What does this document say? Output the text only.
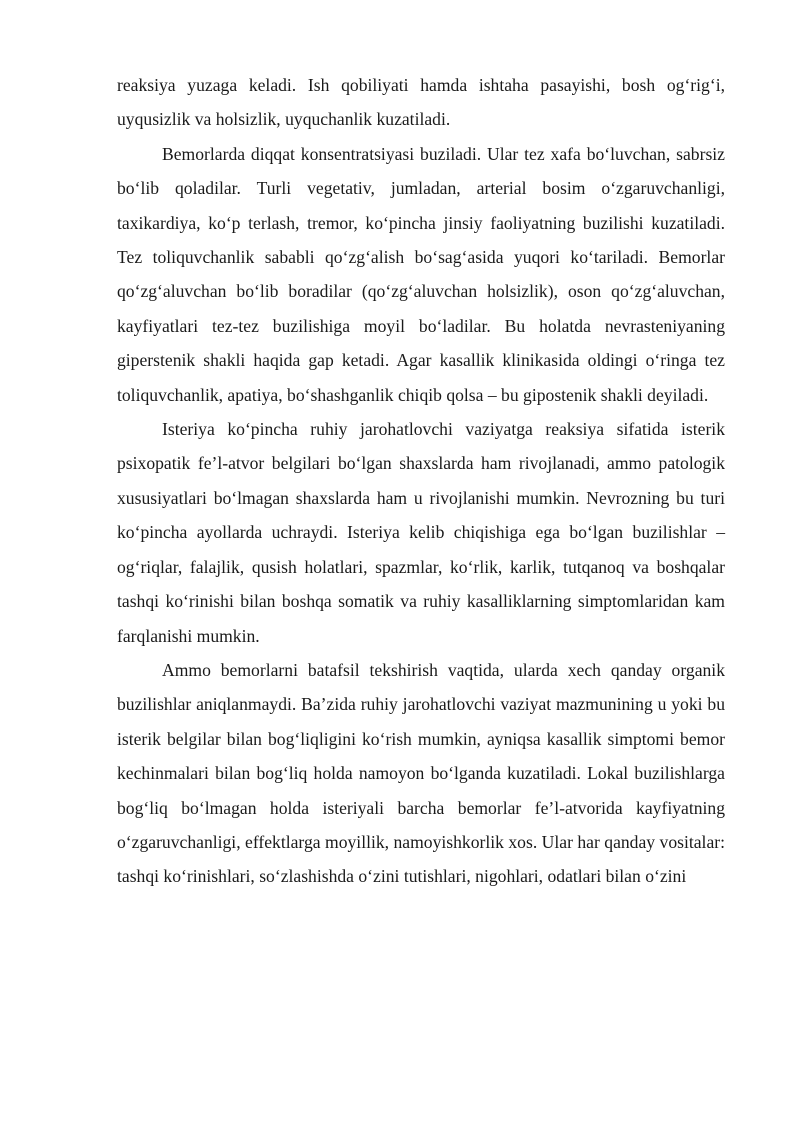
reaksiya yuzaga keladi. Ish qobiliyati hamda ishtaha pasayishi, bosh og‘rig‘i, uyqusizlik va holsizlik, uyquchanlik kuzatiladi.

Bemorlarda diqqat konsentratsiyasi buziladi. Ular tez xafa bo‘luvchan, sabrsiz bo‘lib qoladilar. Turli vegetativ, jumladan, arterial bosim o‘zgaruvchanligi, taxikardiya, ko‘p terlash, tremor, ko‘pincha jinsiy faoliyatning buzilishi kuzatiladi. Tez toliquvchanlik sababli qo‘zg‘alish bo‘sag‘asida yuqori ko‘tariladi. Bemorlar qo‘zg‘aluvchan bo‘lib boradilar (qo‘zg‘aluvchan holsizlik), oson qo‘zg‘aluvchan, kayfiyatlari tez-tez buzilishiga moyil bo‘ladilar. Bu holatda nevrasteniyaning giperstenik shakli haqida gap ketadi. Agar kasallik klinikasida oldingi o‘ringa tez toliquvchanlik, apatiya, bo‘shashganlik chiqib qolsa – bu gipostenik shakli deyiladi.

Isteriya ko‘pincha ruhiy jarohatlovchi vaziyatga reaksiya sifatida isterik psixopatik fe’l-atvor belgilari bo‘lgan shaxslarda ham rivojlanadi, ammo patologik xususiyatlari bo‘lmagan shaxslarda ham u rivojlanishi mumkin. Nevrozning bu turi ko‘pincha ayollarda uchraydi. Isteriya kelib chiqishiga ega bo‘lgan buzilishlar – og‘riqlar, falajlik, qusish holatlari, spazmlar, ko‘rlik, karlik, tutqanoq va boshqalar tashqi ko‘rinishi bilan boshqa somatik va ruhiy kasalliklarning simptomlaridan kam farqlanishi mumkin.

Ammo bemorlarni batafsil tekshirish vaqtida, ularda xech qanday organik buzilishlar aniqlanmaydi. Ba’zida ruhiy jarohatlovchi vaziyat mazmunining u yoki bu isterik belgilar bilan bog‘liqligini ko‘rish mumkin, ayniqsa kasallik simptomi bemor kechinmalari bilan bog‘liq holda namoyon bo‘lganda kuzatiladi. Lokal buzilishlarga bog‘liq bo‘lmagan holda isteriyali barcha bemorlar fe’l-atvorida kayfiyatning o‘zgaruvchanligi, effektlarga moyillik, namoyishkorlik xos. Ular har qanday vositalar: tashqi ko‘rinishlari, so‘zlashishda o‘zini tutishlari, nigohlari, odatlari bilan o‘zini
